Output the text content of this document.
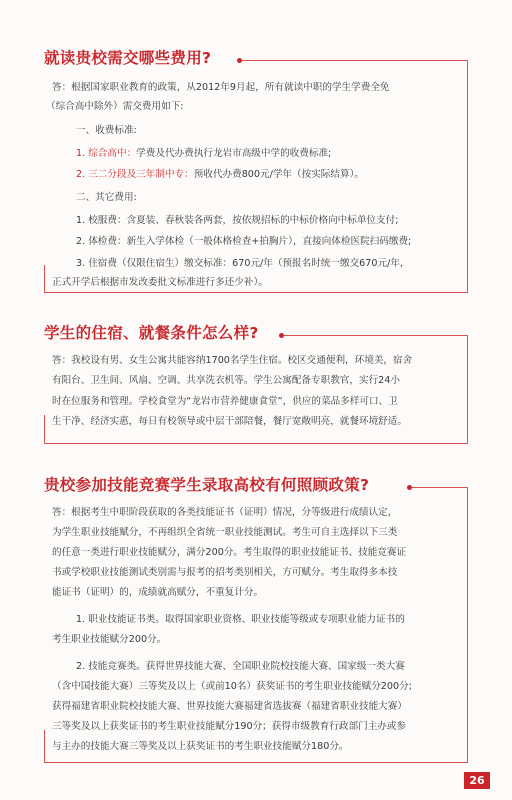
就读贵校需交哪些费用?
答：根据国家职业教育的政策，从2012年9月起，所有就读中职的学生学费全免
（综合高中除外）需交费用如下:
一、收费标准:
1. 综合高中：学费及代办费执行龙岩市高级中学的收费标准;
2. 三二分段及三年制中专：预收代办费800元/学年（按实际结算）。
二、其它费用:
1. 校服费：含夏装、春秋装各两套，按依规招标的中标价格向中标单位支付;
2. 体检费：新生入学体检（一般体格检查+拍胸片），直接向体检医院扫码缴费;
3. 住宿费（仅限住宿生）缴交标准：670元/年（预报名时统一缴交670元/年，
正式开学后根据市发改委批文标准进行多还少补）。
学生的住宿、就餐条件怎么样?
答：我校设有男、女生公寓共能容纳1700名学生住宿。校区交通便利，环境美，宿舍
有阳台、卫生间、风扇、空调、共享洗衣机等。学生公寓配备专职教官，实行24小
时在位服务和管理。学校食堂为“龙岩市营养健康食堂”，供应的菜品多样可口、卫
生干净、经济实惠，每日有校领导或中层干部陪餐，餐厅宽敞明亮，就餐环境舒适。
贵校参加技能竞赛学生录取高校有何照顾政策?
答：根据考生中职阶段获取的各类技能证书（证明）情况，分等级进行成绩认定，
为学生职业技能赋分，不再组织全省统一职业技能测试。考生可自主选择以下三类
的任意一类进行职业技能赋分，满分200分。考生取得的职业技能证书、技能竞赛证
书或学校职业技能测试类别需与报考的招考类别相关，方可赋分。考生取得多本技
能证书（证明）的，成绩就高赋分，不重复计分。
1. 职业技能证书类。取得国家职业资格、职业技能等级或专项职业能力证书的
考生职业技能赋分200分。
2. 技能竞赛类。获得世界技能大赛、全国职业院校技能大赛、国家级一类大赛
（含中国技能大赛）三等奖及以上（或前10名）获奖证书的考生职业技能赋分200分;
获得福建省职业院校技能大赛、世界技能大赛福建省选拔赛（福建省职业技能大赛）
三等奖及以上获奖证书的考生职业技能赋分190分；获得市级教育行政部门主办或参
与主办的技能大赛三等奖及以上获奖证书的考生职业技能赋分180分。
26
